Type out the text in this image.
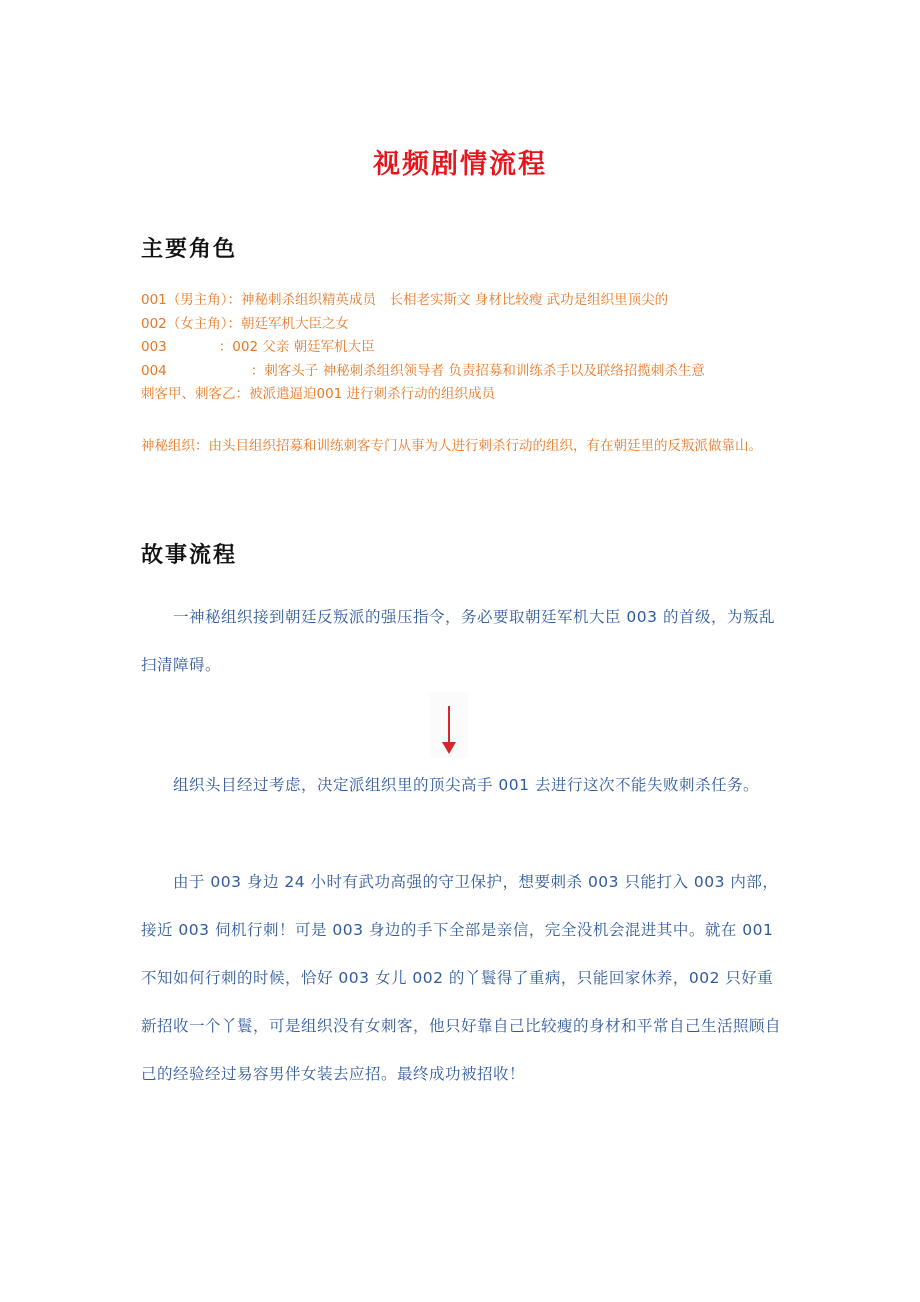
视频剧情流程
主要角色
001（男主角）：神秘刺杀组织精英成员　长相老实斯文 身材比较瘦 武功是组织里顶尖的
002（女主角）：朝廷军机大臣之女
003	：002 父亲 朝廷军机大臣
004	：刺客头子 神秘刺杀组织领导者 负责招募和训练杀手以及联络招揽刺杀生意
刺客甲、刺客乙：被派遣逼迫001 进行刺杀行动的组织成员
神秘组织：由头目组织招募和训练刺客专门从事为人进行刺杀行动的组织，有在朝廷里的反叛派做靠山。
故事流程
一神秘组织接到朝廷反叛派的强压指令，务必要取朝廷军机大臣 003 的首级，为叛乱扫清障碍。
组织头目经过考虑，决定派组织里的顶尖高手 001 去进行这次不能失败刺杀任务。
由于 003 身边 24 小时有武功高强的守卫保护，想要刺杀 003 只能打入 003 内部，接近 003 伺机行刺！可是 003 身边的手下全部是亲信，完全没机会混进其中。就在 001 不知如何行刺的时候，恰好 003 女儿 002 的丫鬟得了重病，只能回家休养，002 只好重新招收一个丫鬟，可是组织没有女刺客，他只好靠自己比较瘦的身材和平常自己生活照顾自己的经验经过易容男伴女装去应招。最终成功被招收！
